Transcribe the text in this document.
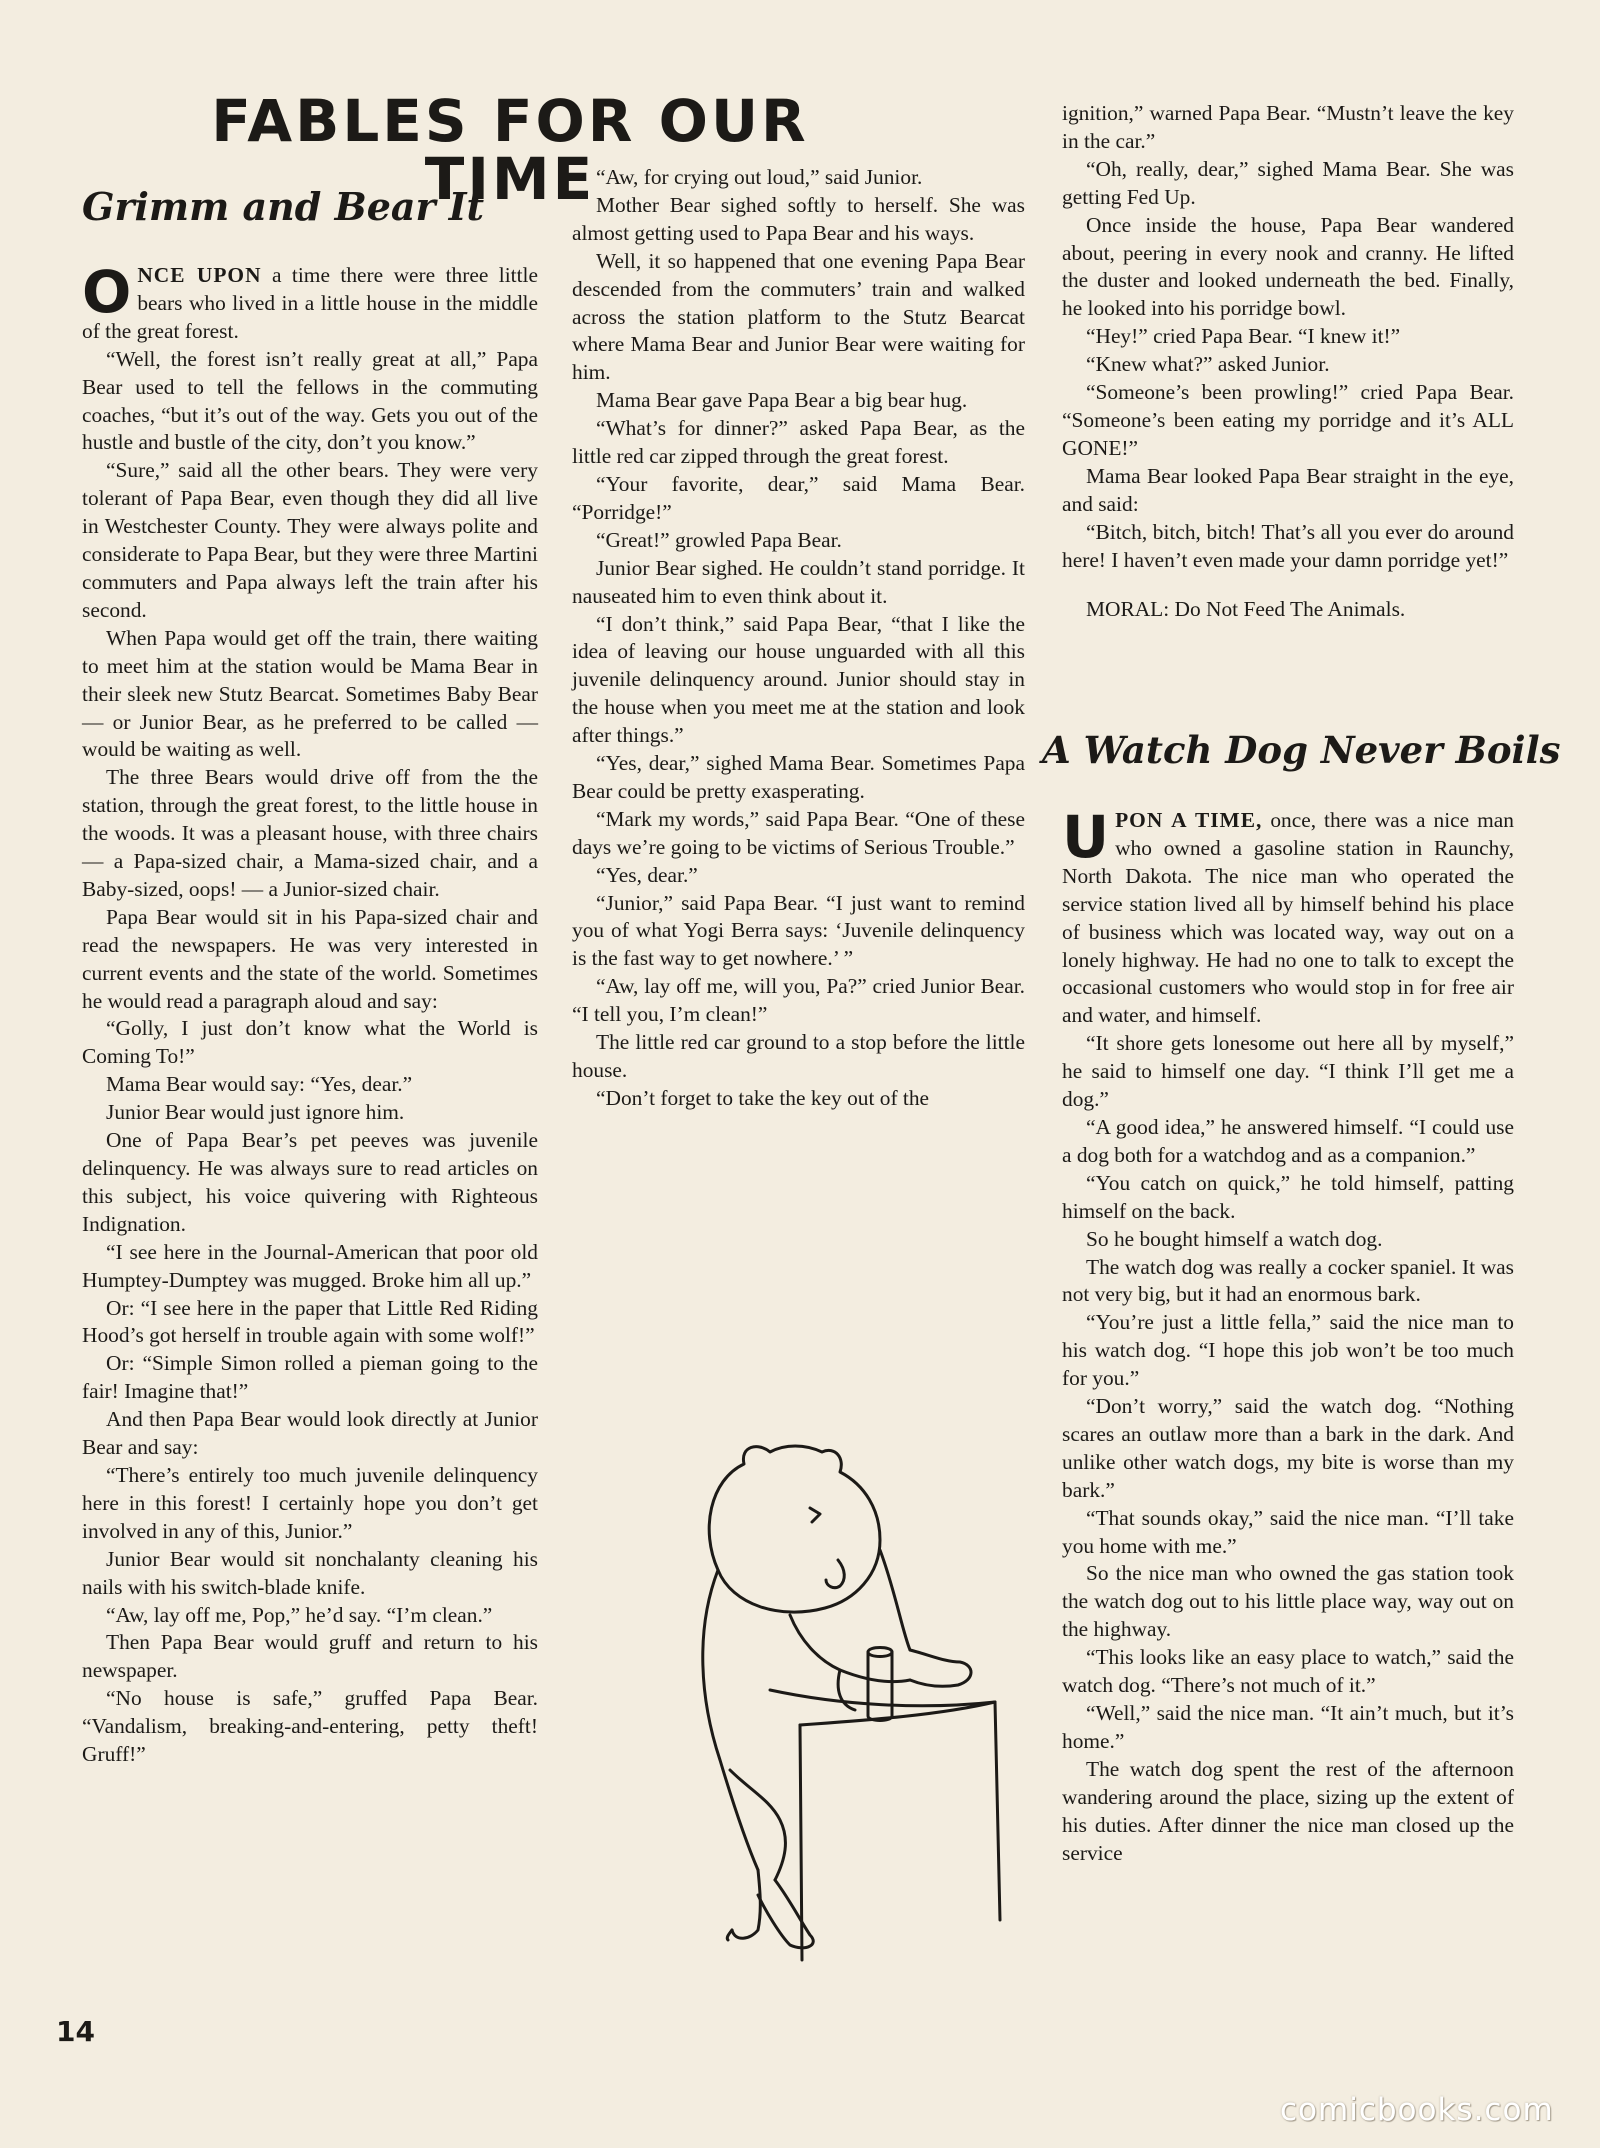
FABLES FOR OUR TIME
Grimm and Bear It

ONCE UPON a time there were three little bears who lived in a little house in the middle of the great forest.

“Well, the forest isn’t really great at all,” Papa Bear used to tell the fellows in the commuting coaches, “but it’s out of the way. Gets you out of the hustle and bustle of the city, don’t you know.”

“Sure,” said all the other bears. They were very tolerant of Papa Bear, even though they did all live in Westchester County. They were always polite and considerate to Papa Bear, but they were three Martini commuters and Papa always left the train after his second.

When Papa would get off the train, there waiting to meet him at the station would be Mama Bear in their sleek new Stutz Bearcat. Sometimes Baby Bear — or Junior Bear, as he preferred to be called — would be waiting as well.

The three Bears would drive off from the the station, through the great forest, to the little house in the woods. It was a pleasant house, with three chairs — a Papa-sized chair, a Mama-sized chair, and a Baby-sized, oops! — a Junior-sized chair.

Papa Bear would sit in his Papa-sized chair and read the newspapers. He was very interested in current events and the state of the world. Sometimes he would read a paragraph aloud and say:

“Golly, I just don’t know what the World is Coming To!”

Mama Bear would say: “Yes, dear.”

Junior Bear would just ignore him.

One of Papa Bear’s pet peeves was juvenile delinquency. He was always sure to read articles on this subject, his voice quivering with Righteous Indignation.

“I see here in the Journal-American that poor old Humptey-Dumptey was mugged. Broke him all up.”

Or: “I see here in the paper that Little Red Riding Hood’s got herself in trouble again with some wolf!”

Or: “Simple Simon rolled a pieman going to the fair! Imagine that!”

And then Papa Bear would look directly at Junior Bear and say:

“There’s entirely too much juvenile delinquency here in this forest! I certainly hope you don’t get involved in any of this, Junior.”

Junior Bear would sit nonchalanty cleaning his nails with his switch-blade knife.

“Aw, lay off me, Pop,” he’d say. “I’m clean.”

Then Papa Bear would gruff and return to his newspaper.

“No house is safe,” gruffed Papa Bear. “Vandalism, breaking-and-entering, petty theft! Gruff!”

“Aw, for crying out loud,” said Junior.

Mother Bear sighed softly to herself. She was almost getting used to Papa Bear and his ways.

Well, it so happened that one evening Papa Bear descended from the commuters’ train and walked across the station platform to the Stutz Bearcat where Mama Bear and Junior Bear were waiting for him.

Mama Bear gave Papa Bear a big bear hug.

“What’s for dinner?” asked Papa Bear, as the little red car zipped through the great forest.

“Your favorite, dear,” said Mama Bear. “Porridge!”

“Great!” growled Papa Bear.

Junior Bear sighed. He couldn’t stand porridge. It nauseated him to even think about it.

“I don’t think,” said Papa Bear, “that I like the idea of leaving our house unguarded with all this juvenile delinquency around. Junior should stay in the house when you meet me at the station and look after things.”

“Yes, dear,” sighed Mama Bear. Sometimes Papa Bear could be pretty exasperating.

“Mark my words,” said Papa Bear. “One of these days we’re going to be victims of Serious Trouble.”

“Yes, dear.”

“Junior,” said Papa Bear. “I just want to remind you of what Yogi Berra says: ‘Juvenile delinquency is the fast way to get nowhere.’ ”

“Aw, lay off me, will you, Pa?” cried Junior Bear. “I tell you, I’m clean!”

The little red car ground to a stop before the little house.

“Don’t forget to take the key out of the

ignition,” warned Papa Bear. “Mustn’t leave the key in the car.”

“Oh, really, dear,” sighed Mama Bear. She was getting Fed Up.

Once inside the house, Papa Bear wandered about, peering in every nook and cranny. He lifted the duster and looked underneath the bed. Finally, he looked into his porridge bowl.

“Hey!” cried Papa Bear. “I knew it!”

“Knew what?” asked Junior.

“Someone’s been prowling!” cried Papa Bear. “Someone’s been eating my porridge and it’s ALL GONE!”

Mama Bear looked Papa Bear straight in the eye, and said:

“Bitch, bitch, bitch! That’s all you ever do around here! I haven’t even made your damn porridge yet!”

MORAL: Do Not Feed The Animals.

A Watch Dog Never Boils

UPON A TIME, once, there was a nice man who owned a gasoline station in Raunchy, North Dakota. The nice man who operated the service station lived all by himself behind his place of business which was located way, way out on a lonely highway. He had no one to talk to except the occasional customers who would stop in for free air and water, and himself.

“It shore gets lonesome out here all by myself,” he said to himself one day. “I think I’ll get me a dog.”

“A good idea,” he answered himself. “I could use a dog both for a watchdog and as a companion.”

“You catch on quick,” he told himself, patting himself on the back.

So he bought himself a watch dog.

The watch dog was really a cocker spaniel. It was not very big, but it had an enormous bark.

“You’re just a little fella,” said the nice man to his watch dog. “I hope this job won’t be too much for you.”

“Don’t worry,” said the watch dog. “Nothing scares an outlaw more than a bark in the dark. And unlike other watch dogs, my bite is worse than my bark.”

“That sounds okay,” said the nice man. “I’ll take you home with me.”

So the nice man who owned the gas station took the watch dog out to his little place way, way out on the highway.

“This looks like an easy place to watch,” said the watch dog. “There’s not much of it.”

“Well,” said the nice man. “It ain’t much, but it’s home.”

The watch dog spent the rest of the afternoon wandering around the place, sizing up the extent of his duties. After dinner the nice man closed up the service

14
comicbooks.com
